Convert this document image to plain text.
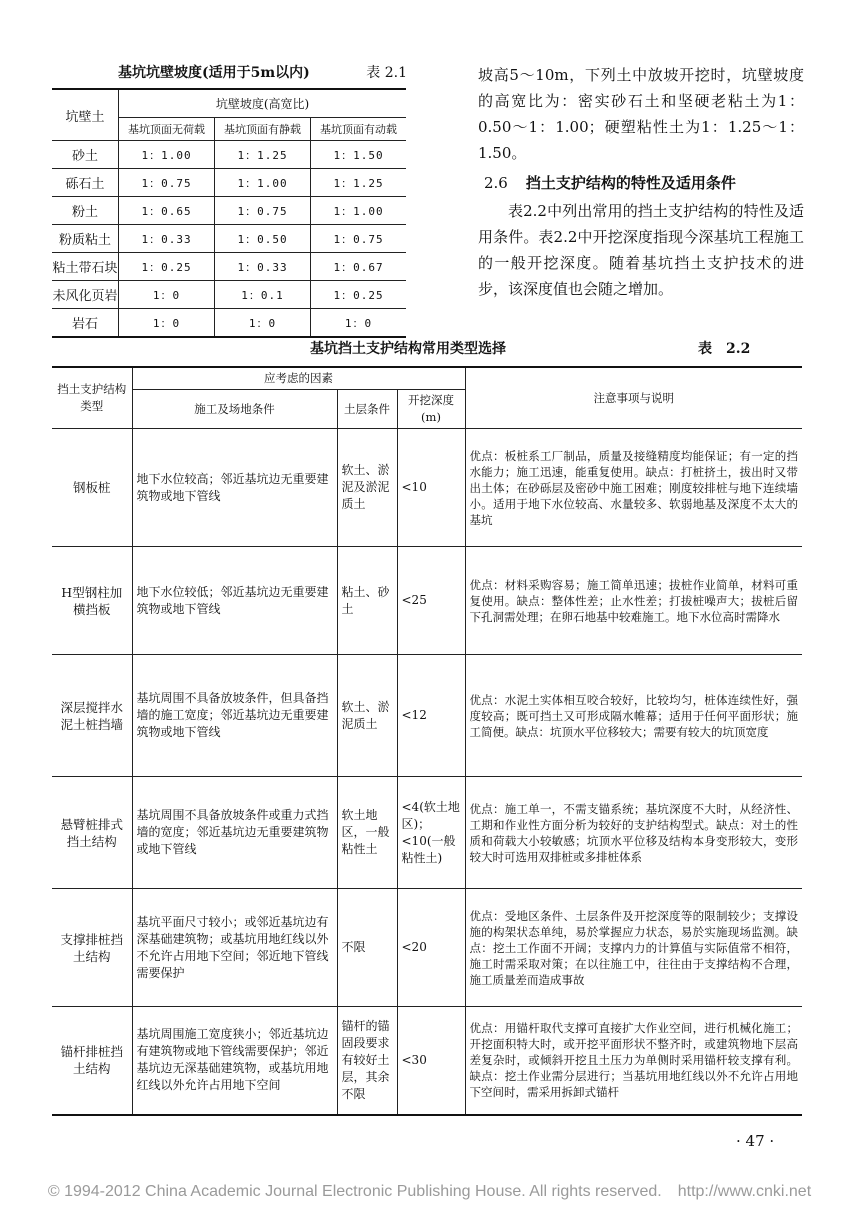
基坑坑壁坡度(适用于5m以内)	表 2.1
坑壁土	坑壁坡度(高宽比)		
	基坑顶面无荷载	基坑顶面有静载	基坑顶面有动载
砂土	1：1.00	1：1.25	1：1.50
砾石土	1：0.75	1：1.00	1：1.25
粉土	1：0.65	1：0.75	1：1.00
粉质粘土	1：0.33	1：0.50	1：0.75
粘土带石块	1：0.25	1：0.33	1：0.67
未风化页岩	1：0	1：0.1	1：0.25
岩石	1：0	1：0	1：0

坡高5～10m，下列土中放坡开挖时，坑壁坡度的高宽比为：密实砂石土和坚硬老粘土为1：0.50～1：1.00；硬塑粘性土为1：1.25～1：1.50。

2.6 挡土支护结构的特性及适用条件

表2.2中列出常用的挡土支护结构的特性及适用条件。表2.2中开挖深度指现今深基坑工程施工的一般开挖深度。随着基坑挡土支护技术的进步，该深度值也会随之增加。

基坑挡土支护结构常用类型选择	表　2.2
挡土支护结构类型	应考虑的因素			注意事项与说明
	施工及场地条件	土层条件	开挖深度(m)	
钢板桩	地下水位较高；邻近基坑边无重要建筑物或地下管线	软土、淤泥及淤泥质土	<10	优点：板桩系工厂制品，质量及接缝精度均能保证；有一定的挡水能力；施工迅速，能重复使用。缺点：打桩挤土，拔出时又带出土体；在砂砾层及密砂中施工困难；刚度较排桩与地下连续墙小。适用于地下水位较高、水量较多、软弱地基及深度不太大的基坑
H型钢柱加横挡板	地下水位较低；邻近基坑边无重要建筑物或地下管线	粘土、砂土	<25	优点：材料采购容易；施工简单迅速；拔桩作业简单，材料可重复使用。缺点：整体性差；止水性差；打拔桩噪声大；拔桩后留下孔洞需处理；在卵石地基中较难施工。地下水位高时需降水
深层搅拌水泥土桩挡墙	基坑周围不具备放坡条件，但具备挡墙的施工宽度；邻近基坑边无重要建筑物或地下管线	软土、淤泥质土	<12	优点：水泥土实体相互咬合较好，比较均匀，桩体连续性好，强度较高；既可挡土又可形成隔水帷幕；适用于任何平面形状；施工简便。缺点：坑顶水平位移较大；需要有较大的坑顶宽度
悬臂桩排式挡土结构	基坑周围不具备放坡条件或重力式挡墙的宽度；邻近基坑边无重要建筑物或地下管线	软土地区，一般粘性土	<4(软土地区)；<10(一般粘性土)	优点：施工单一，不需支锚系统；基坑深度不大时，从经济性、工期和作业性方面分析为较好的支护结构型式。缺点：对土的性质和荷载大小较敏感；坑顶水平位移及结构本身变形较大，变形较大时可选用双排桩或多排桩体系
支撑排桩挡土结构	基坑平面尺寸较小；或邻近基坑边有深基础建筑物；或基坑用地红线以外不允许占用地下空间；邻近地下管线需要保护	不限	<20	优点：受地区条件、土层条件及开挖深度等的限制较少；支撑设施的构架状态单纯，易於掌握应力状态，易於实施现场监测。缺点：挖土工作面不开阔；支撑内力的计算值与实际值常不相符，施工时需采取对策；在以往施工中，往往由于支撑结构不合理，施工质量差而造成事故
锚杆排桩挡土结构	基坑周围施工宽度狭小；邻近基坑边有建筑物或地下管线需要保护；邻近基坑边无深基础建筑物，或基坑用地红线以外允许占用地下空间	锚杆的锚固段要求有较好土层，其余不限	<30	优点：用锚杆取代支撑可直接扩大作业空间，进行机械化施工；开挖面积特大时，或开挖平面形状不整齐时，或建筑物地下层高差复杂时，或倾斜开挖且土压力为单侧时采用锚杆较支撑有利。缺点：挖土作业需分层进行；当基坑用地红线以外不允许占用地下空间时，需采用拆卸式锚杆
· 47 ·
© 1994-2012 China Academic Journal Electronic Publishing House. All rights reserved.　http://www.cnki.net
